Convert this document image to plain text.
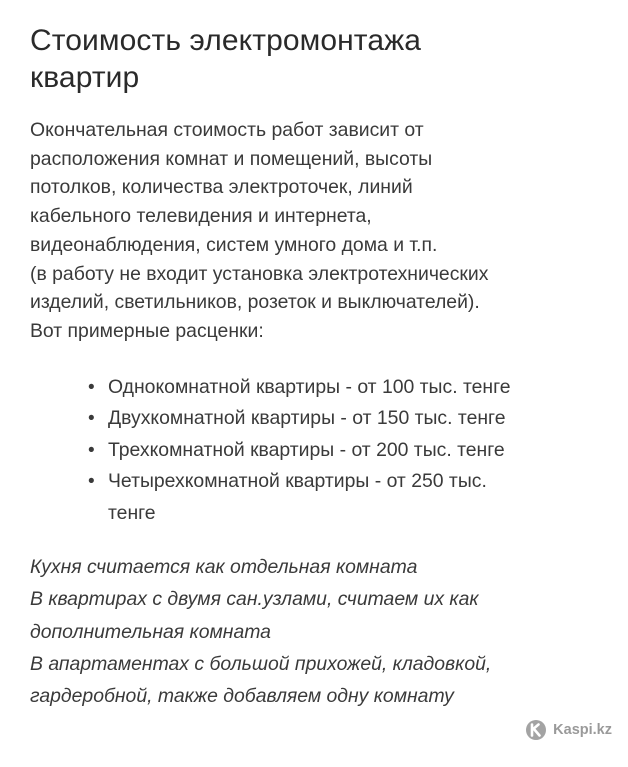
Стоимость электромонтажа
квартир
Окончательная стоимость работ зависит от
расположения комнат и помещений, высоты
потолков, количества электроточек, линий
кабельного телевидения и интернета,
видеонаблюдения, систем умного дома и т.п.
(в работу не входит установка электротехнических
изделий, светильников, розеток и выключателей).
Вот примерные расценки:
• Однокомнатной квартиры - от 100 тыс. тенге
• Двухкомнатной квартиры - от 150 тыс. тенге
• Трехкомнатной квартиры - от 200 тыс. тенге
• Четырехкомнатной квартиры - от 250 тыс.
тенге
Кухня считается как отдельная комната
В квартирах с двумя сан.узлами, считаем их как
дополнительная комната
В апартаментах с большой прихожей, кладовкой,
гардеробной, также добавляем одну комнату
Kaspi.kz
